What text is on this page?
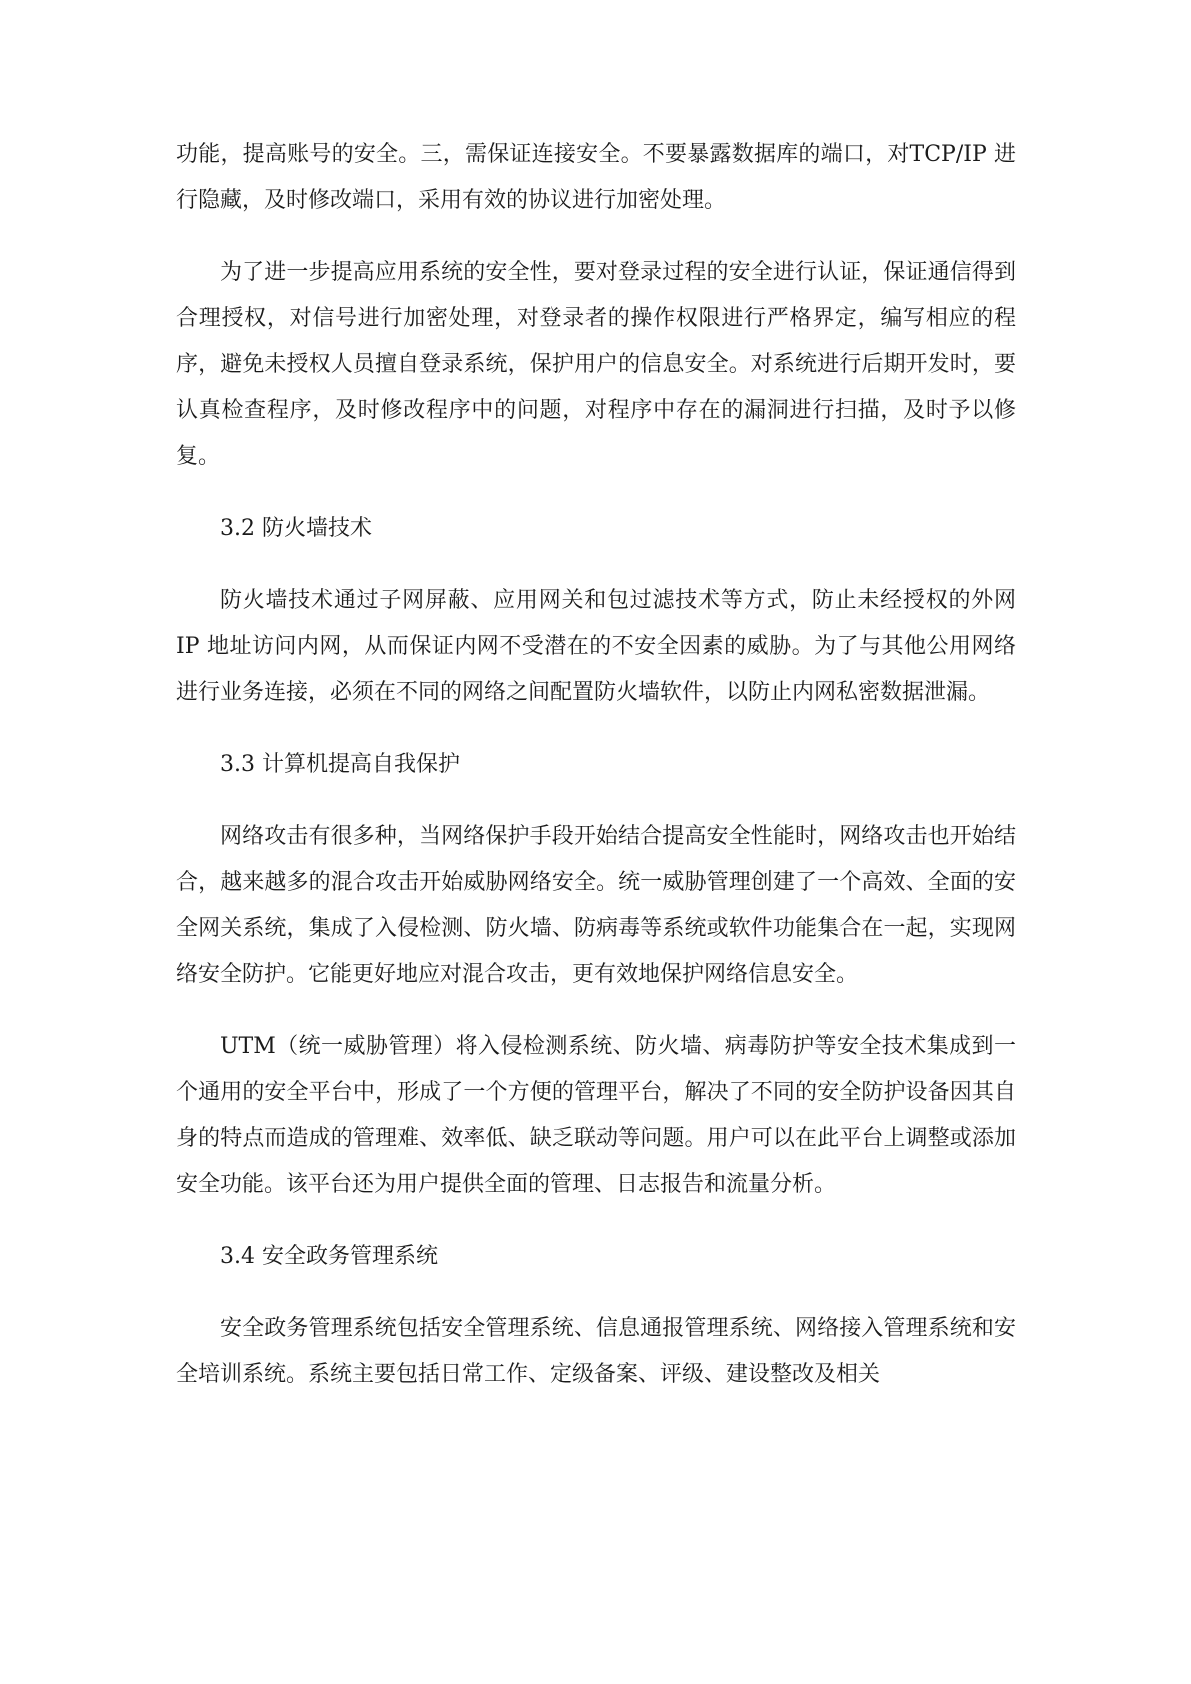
功能，提高账号的安全。三，需保证连接安全。不要暴露数据库的端口，对TCP/IP 进行隐藏，及时修改端口，采用有效的协议进行加密处理。

为了进一步提高应用系统的安全性，要对登录过程的安全进行认证，保证通信得到合理授权，对信号进行加密处理，对登录者的操作权限进行严格界定，编写相应的程序，避免未授权人员擅自登录系统，保护用户的信息安全。对系统进行后期开发时，要认真检查程序，及时修改程序中的问题，对程序中存在的漏洞进行扫描，及时予以修复。

3.2 防火墙技术

防火墙技术通过子网屏蔽、应用网关和包过滤技术等方式，防止未经授权的外网 IP 地址访问内网，从而保证内网不受潜在的不安全因素的威胁。为了与其他公用网络进行业务连接，必须在不同的网络之间配置防火墙软件，以防止内网私密数据泄漏。

3.3 计算机提高自我保护

网络攻击有很多种，当网络保护手段开始结合提高安全性能时，网络攻击也开始结合，越来越多的混合攻击开始威胁网络安全。统一威胁管理创建了一个高效、全面的安全网关系统，集成了入侵检测、防火墙、防病毒等系统或软件功能集合在一起，实现网络安全防护。它能更好地应对混合攻击，更有效地保护网络信息安全。

UTM（统一威胁管理）将入侵检测系统、防火墙、病毒防护等安全技术集成到一个通用的安全平台中，形成了一个方便的管理平台，解决了不同的安全防护设备因其自身的特点而造成的管理难、效率低、缺乏联动等问题。用户可以在此平台上调整或添加安全功能。该平台还为用户提供全面的管理、日志报告和流量分析。

3.4 安全政务管理系统

安全政务管理系统包括安全管理系统、信息通报管理系统、网络接入管理系统和安全培训系统。系统主要包括日常工作、定级备案、评级、建设整改及相关
